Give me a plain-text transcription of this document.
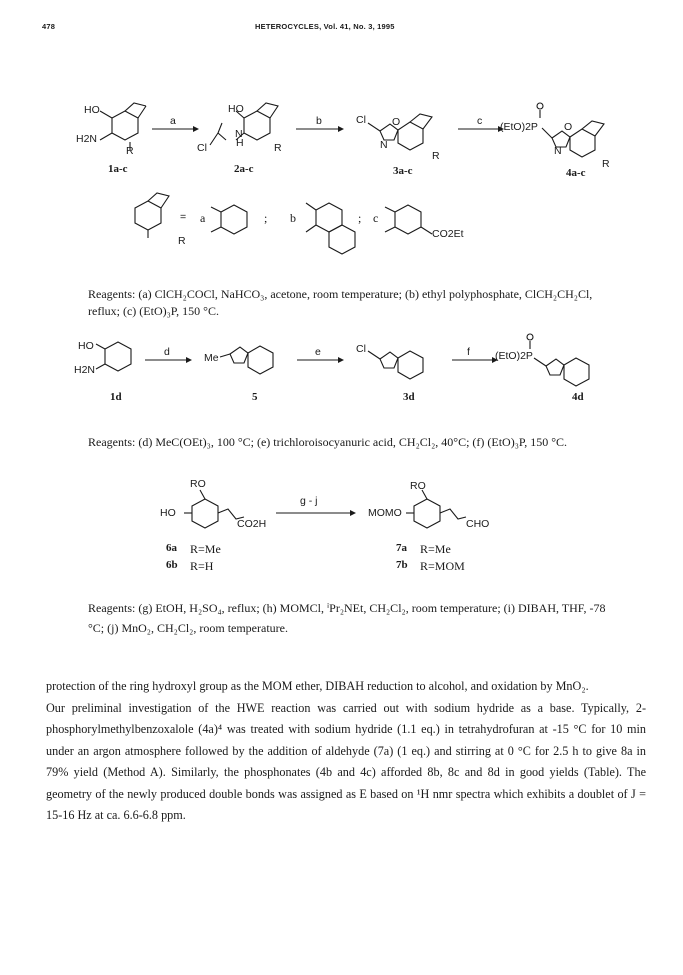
478	HETEROCYCLES, Vol. 41, No. 3, 1995
HO
H2N
R
1a-c
a
HO
N
H
Cl	R
2a-c
b	Cl O
N
R
3a-c
c (EtO)2P O
N
R
4a-c
R
= a	; b	; c
CO2Et
Reagents: (a) ClCH₂COCl, NaHCO₃, acetone, room temperature; (b) ethyl polyphosphate, ClCH₂CH₂Cl, reflux; (c) (EtO)₃P, 150 °C.
HO
H2N
1d
d	Me
5
e	Cl
3d
f (EtO)2P
4d
Reagents: (d) MeC(OEt)₃, 100 °C; (e) trichloroisocyanuric acid, CH₂Cl₂, 40°C; (f) (EtO)₃P, 150 °C.
RO
HO
CO2H
g - j
RO
MOMO
CHO
6a R=Me
6b R=H
7a R=Me
7b R=MOM
Reagents: (g) EtOH, H₂SO₄, reflux; (h) MOMCl, ⁱPr₂NEt, CH₂Cl₂, room temperature; (i) DIBAH, THF, -78 °C; (j) MnO₂, CH₂Cl₂, room temperature.

protection of the ring hydroxyl group as the MOM ether, DIBAH reduction to alcohol, and oxidation by MnO₂.

Our preliminal investigation of the HWE reaction was carried out with sodium hydride as a base. Typically, 2-phosphorylmethylbenzoxalole (4a)⁴ was treated with sodium hydride (1.1 eq.) in tetrahydrofuran at -15 °C for 10 min under an argon atmosphere followed by the addition of aldehyde (7a) (1 eq.) and stirring at 0 °C for 2.5 h to give 8a in 79% yield (Method A). Similarly, the phosphonates (4b and 4c) afforded 8b, 8c and 8d in good yields (Table). The geometry of the newly produced double bonds was assigned as E based on ¹H nmr spectra which exhibits a doublet of J = 15-16 Hz at ca. 6.6-6.8 ppm.
